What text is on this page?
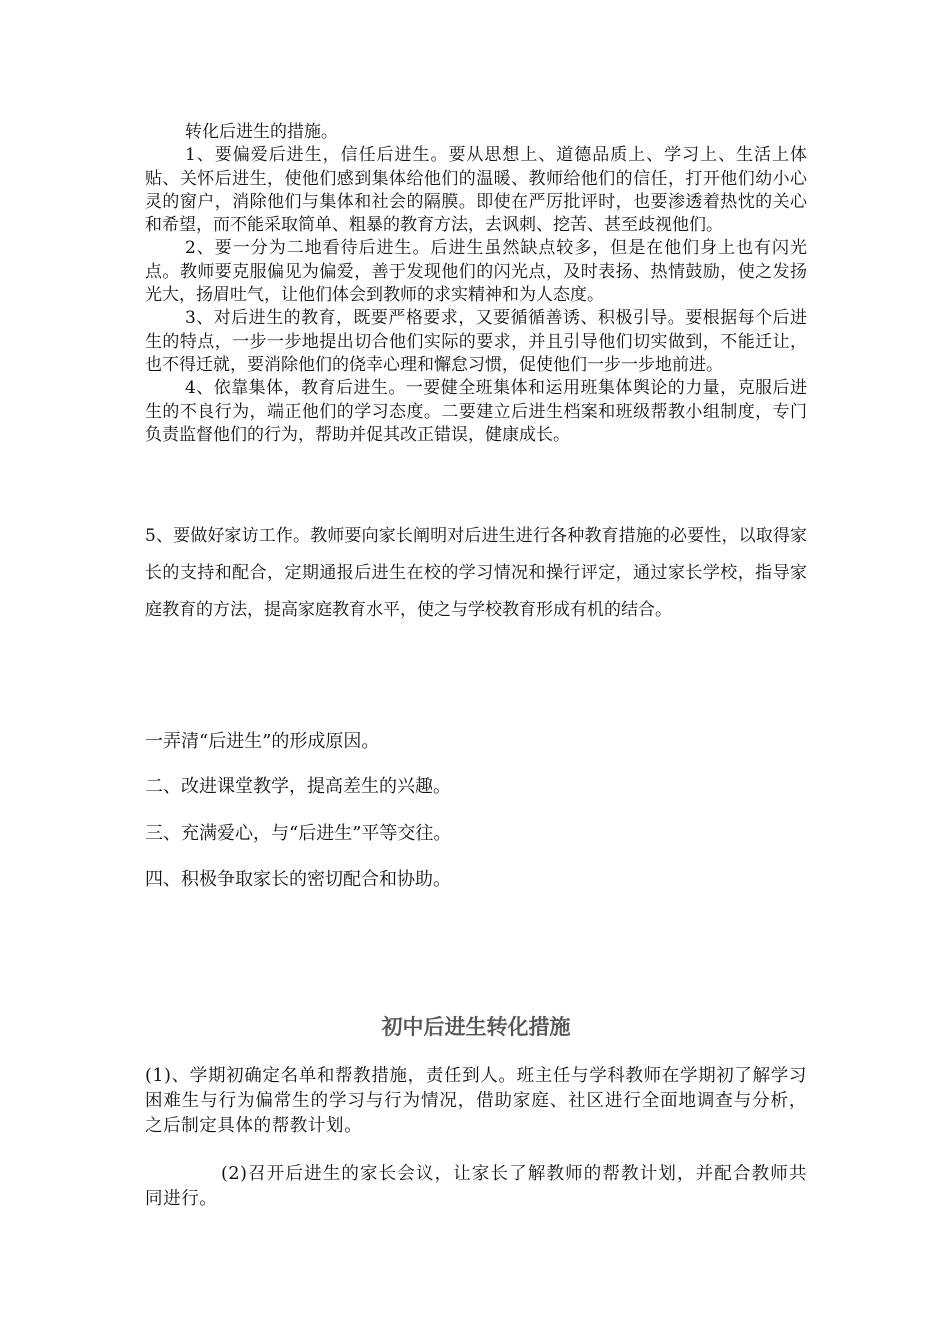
转化后进生的措施。

1、要偏爱后进生，信任后进生。要从思想上、道德品质上、学习上、生活上体贴、关怀后进生，使他们感到集体给他们的温暖、教师给他们的信任，打开他们幼小心灵的窗户，消除他们与集体和社会的隔膜。即使在严厉批评时，也要渗透着热忱的关心和希望，而不能采取简单、粗暴的教育方法，去讽刺、挖苦、甚至歧视他们。

2、要一分为二地看待后进生。后进生虽然缺点较多，但是在他们身上也有闪光点。教师要克服偏见为偏爱，善于发现他们的闪光点，及时表扬、热情鼓励，使之发扬光大，扬眉吐气，让他们体会到教师的求实精神和为人态度。

3、对后进生的教育，既要严格要求，又要循循善诱、积极引导。要根据每个后进生的特点，一步一步地提出切合他们实际的要求，并且引导他们切实做到，不能迁让，也不得迁就，要消除他们的侥幸心理和懈怠习惯，促使他们一步一步地前进。

4、依靠集体，教育后进生。一要健全班集体和运用班集体舆论的力量，克服后进生的不良行为，端正他们的学习态度。二要建立后进生档案和班级帮教小组制度，专门负责监督他们的行为，帮助并促其改正错误，健康成长。

5、要做好家访工作。教师要向家长阐明对后进生进行各种教育措施的必要性，以取得家长的支持和配合，定期通报后进生在校的学习情况和操行评定，通过家长学校，指导家庭教育的方法，提高家庭教育水平，使之与学校教育形成有机的结合。

一弄清“后进生”的形成原因。

二、改进课堂教学，提高差生的兴趣。

三、充满爱心，与“后进生”平等交往。

四、积极争取家长的密切配合和协助。

初中后进生转化措施

(1)、学期初确定名单和帮教措施，责任到人。班主任与学科教师在学期初了解学习困难生与行为偏常生的学习与行为情况，借助家庭、社区进行全面地调查与分析，之后制定具体的帮教计划。

(2)召开后进生的家长会议，让家长了解教师的帮教计划，并配合教师共同进行。
